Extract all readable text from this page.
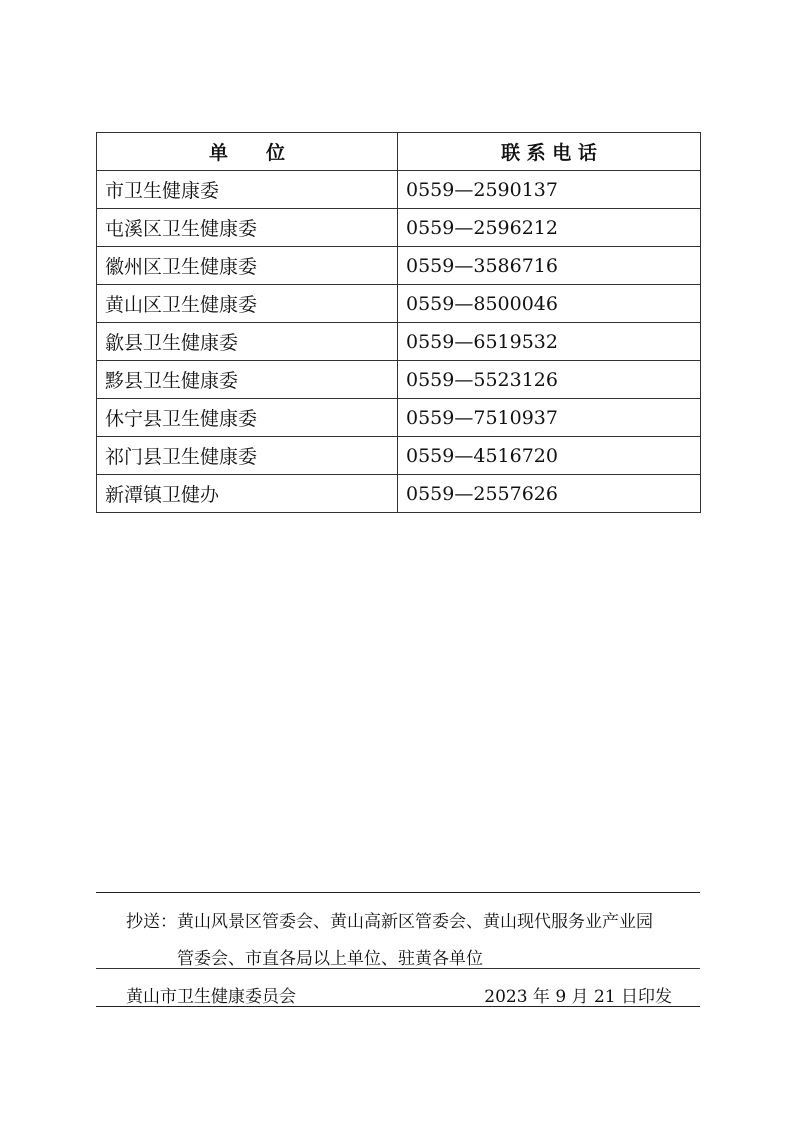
单　　位	联 系 电 话
市卫生健康委	0559—2590137
屯溪区卫生健康委	0559—2596212
徽州区卫生健康委	0559—3586716
黄山区卫生健康委	0559—8500046
歙县卫生健康委	0559—6519532
黟县卫生健康委	0559—5523126
休宁县卫生健康委	0559—7510937
祁门县卫生健康委	0559—4516720
新潭镇卫健办	0559—2557626
抄送：黄山风景区管委会、黄山高新区管委会、黄山现代服务业产业园
管委会、市直各局以上单位、驻黄各单位
黄山市卫生健康委员会	2023 年 9 月 21 日印发
